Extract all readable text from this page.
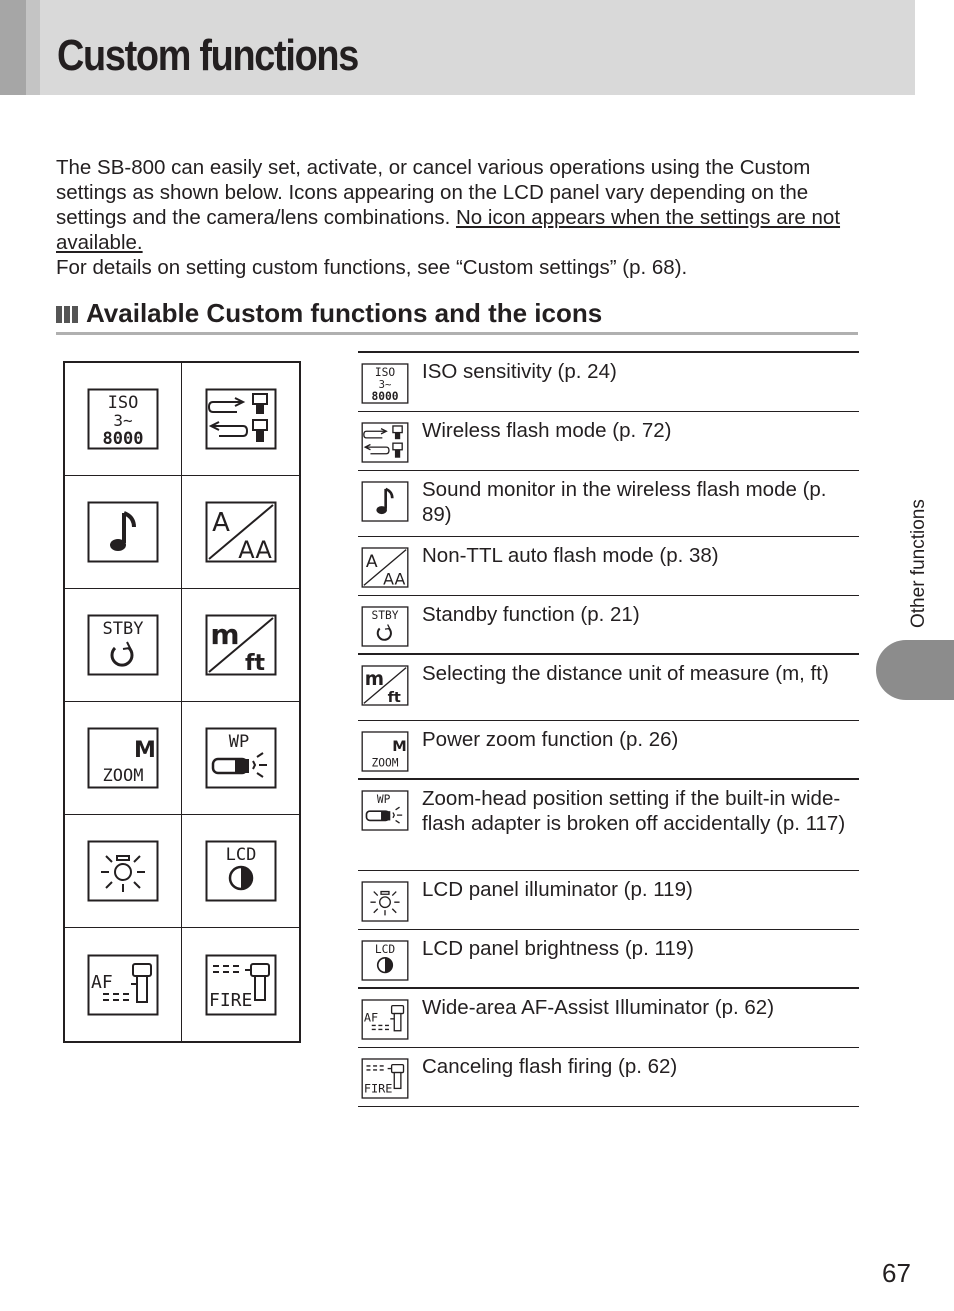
Custom functions

The SB-800 can easily set, activate, or cancel various operations using the Custom settings as shown below. Icons appearing on the LCD panel vary depending on the settings and the camera/lens combinations. No icon appears when the settings are not available.

For details on setting custom functions, see “Custom settings” (p. 68).

Available Custom functions and the icons
ISO sensitivity (p. 24)
Wireless flash mode (p. 72)
Sound monitor in the wireless flash mode (p. 89)
Non-TTL auto flash mode (p. 38)
Standby function (p. 21)
Selecting the distance unit of measure (m, ft)
Power zoom function (p. 26)
Zoom-head position setting if the built-in wide-flash adapter is broken off accidentally (p. 117)
LCD panel illuminator (p. 119)
LCD panel brightness (p. 119)
Wide-area AF-Assist Illuminator (p. 62)
Canceling flash firing (p. 62)
Other functions
67
